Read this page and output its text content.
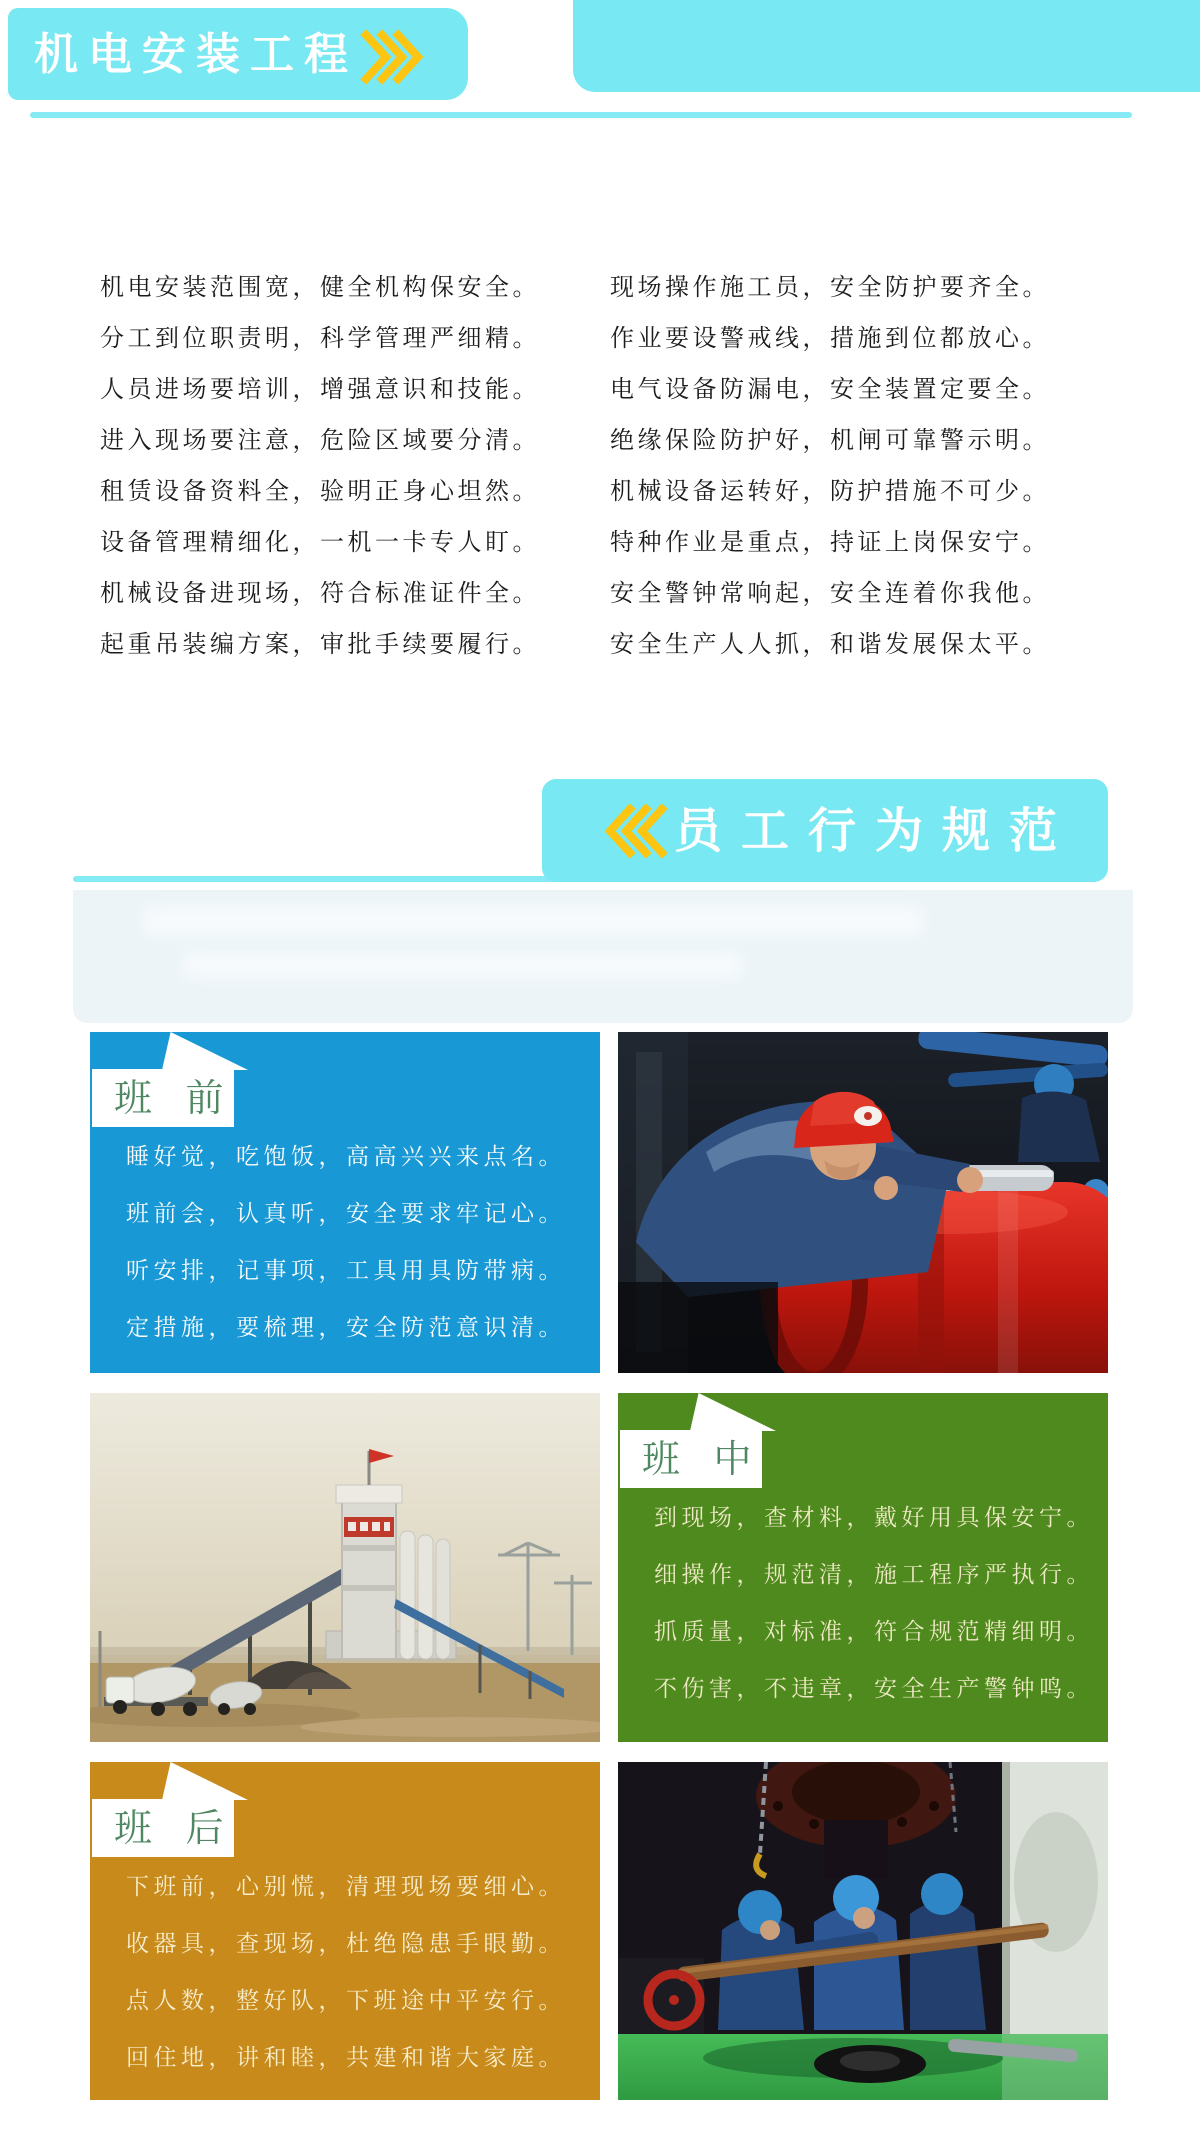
机电安装工程

机电安装范围宽，健全机构保安全。

分工到位职责明，科学管理严细精。

人员进场要培训，增强意识和技能。

进入现场要注意，危险区域要分清。

租赁设备资料全，验明正身心坦然。

设备管理精细化，一机一卡专人盯。

机械设备进现场，符合标准证件全。

起重吊装编方案，审批手续要履行。

现场操作施工员，安全防护要齐全。

作业要设警戒线，措施到位都放心。

电气设备防漏电，安全装置定要全。

绝缘保险防护好，机闸可靠警示明。

机械设备运转好，防护措施不可少。

特种作业是重点，持证上岗保安宁。

安全警钟常响起，安全连着你我他。

安全生产人人抓，和谐发展保太平。

员工行为规范
班 前

睡好觉，吃饱饭，高高兴兴来点名。

班前会，认真听，安全要求牢记心。

听安排，记事项，工具用具防带病。

定措施，要梳理，安全防范意识清。

班 中

到现场，查材料，戴好用具保安宁。

细操作，规范清，施工程序严执行。

抓质量，对标准，符合规范精细明。

不伤害，不违章，安全生产警钟鸣。

班 后

下班前，心别慌，清理现场要细心。

收器具，查现场，杜绝隐患手眼勤。

点人数，整好队，下班途中平安行。

回住地，讲和睦，共建和谐大家庭。
